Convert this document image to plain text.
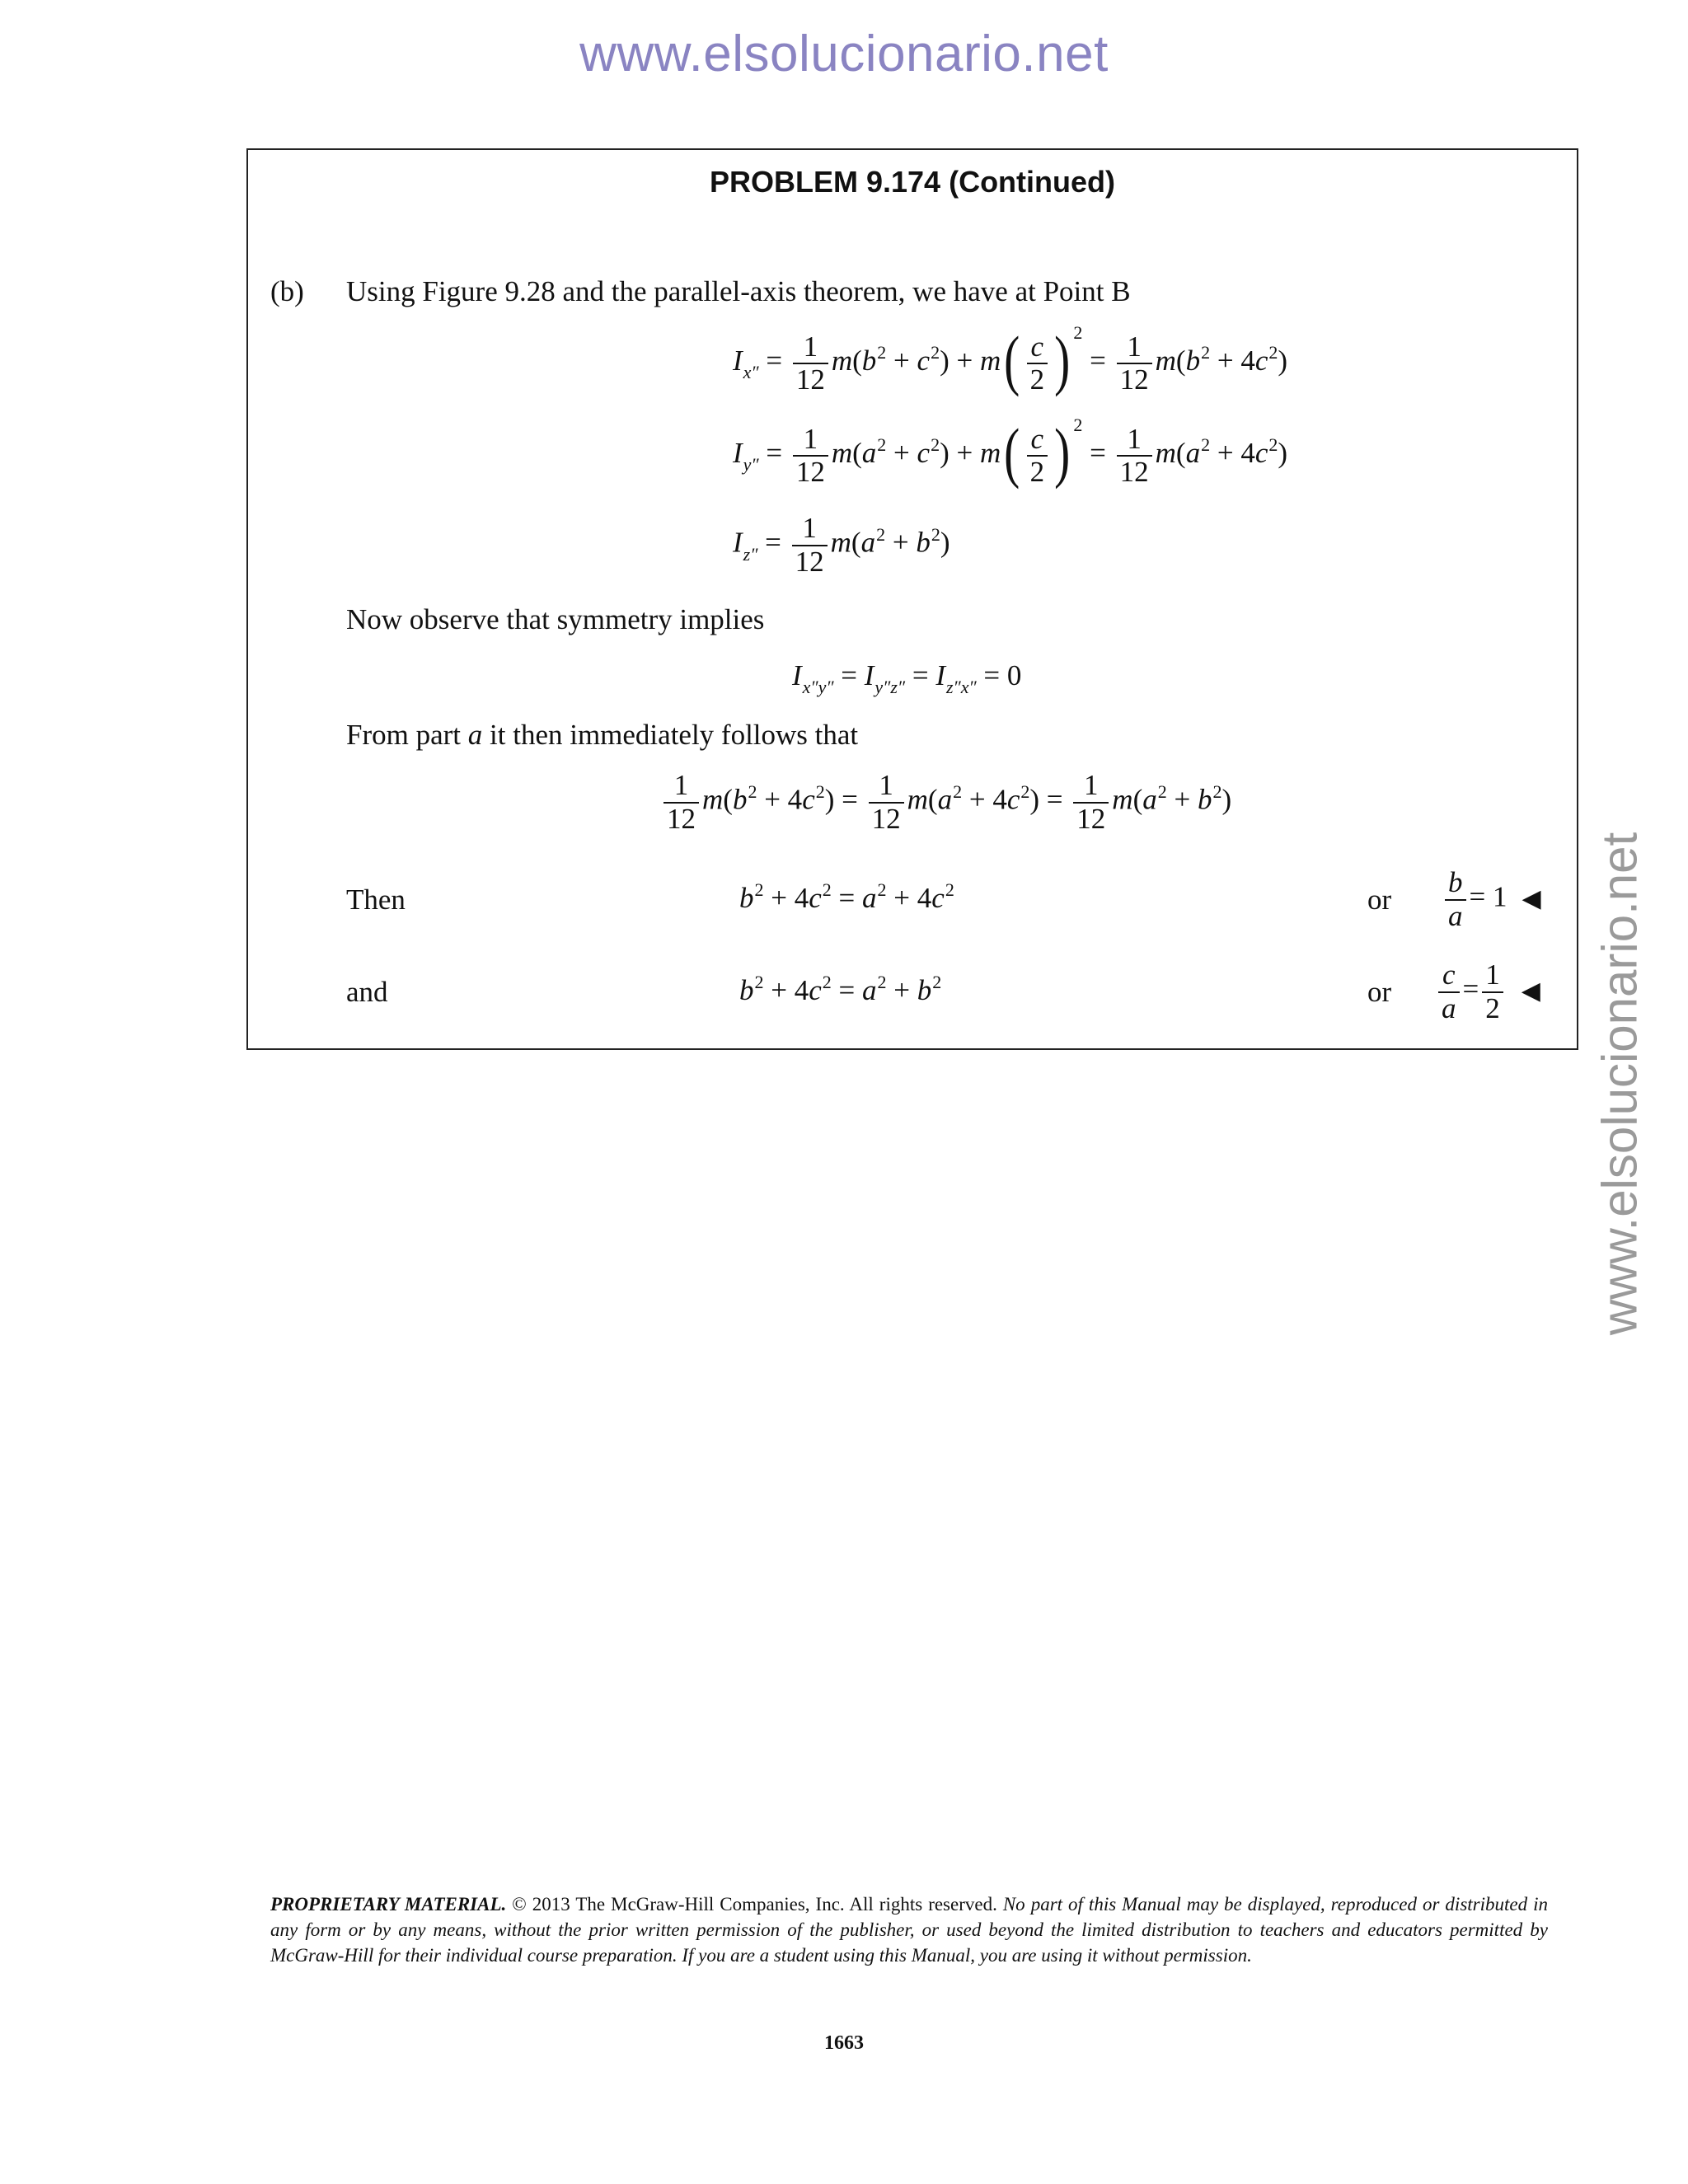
www.elsolucionario.net
www.elsolucionario.net
PROBLEM 9.174 (Continued)
(b) Using Figure 9.28 and the parallel-axis theorem, we have at Point B
$I_{x''} = \frac{1}{12} m(b^2 + c^2) + m( \frac{c}{2}$ ) $^2 = \frac{1}{12} m(b^2 + 4c^2)$
$I_{y''} = \frac{1}{12} m(a^2 + c^2) + m( \frac{c}{2}$ ) $^2 = \frac{1}{12} m(a^2 + 4c^2)$
$I_{z''} = \frac{1}{12} m(a^2 + b^2)$
Now observe that symmetry implies
$I_{x''y''} = I_{y''z''} = I_{z''x''} = 0$
From part a it then immediately follows that
$\frac{1}{12} m(b^2 + 4c^2) = \frac{1}{12} m(a^2 + 4c^2) = \frac{1}{12} m(a^2 + b^2)$
Then	$b^2 + 4c^2 = a^2 + 4c^2$	or $\frac{b}{a} = 1$ ◀
and	$b^2 + 4c^2 = a^2 + b^2$	or $\frac{c}{a} = \frac{1}{2}$ ◀
PROPRIETARY MATERIAL. © 2013 The McGraw-Hill Companies, Inc. All rights reserved. No part of this Manual may be displayed, reproduced or distributed in any form or by any means, without the prior written permission of the publisher, or used beyond the limited distribution to teachers and educators permitted by McGraw-Hill for their individual course preparation. If you are a student using this Manual, you are using it without permission.
1663
